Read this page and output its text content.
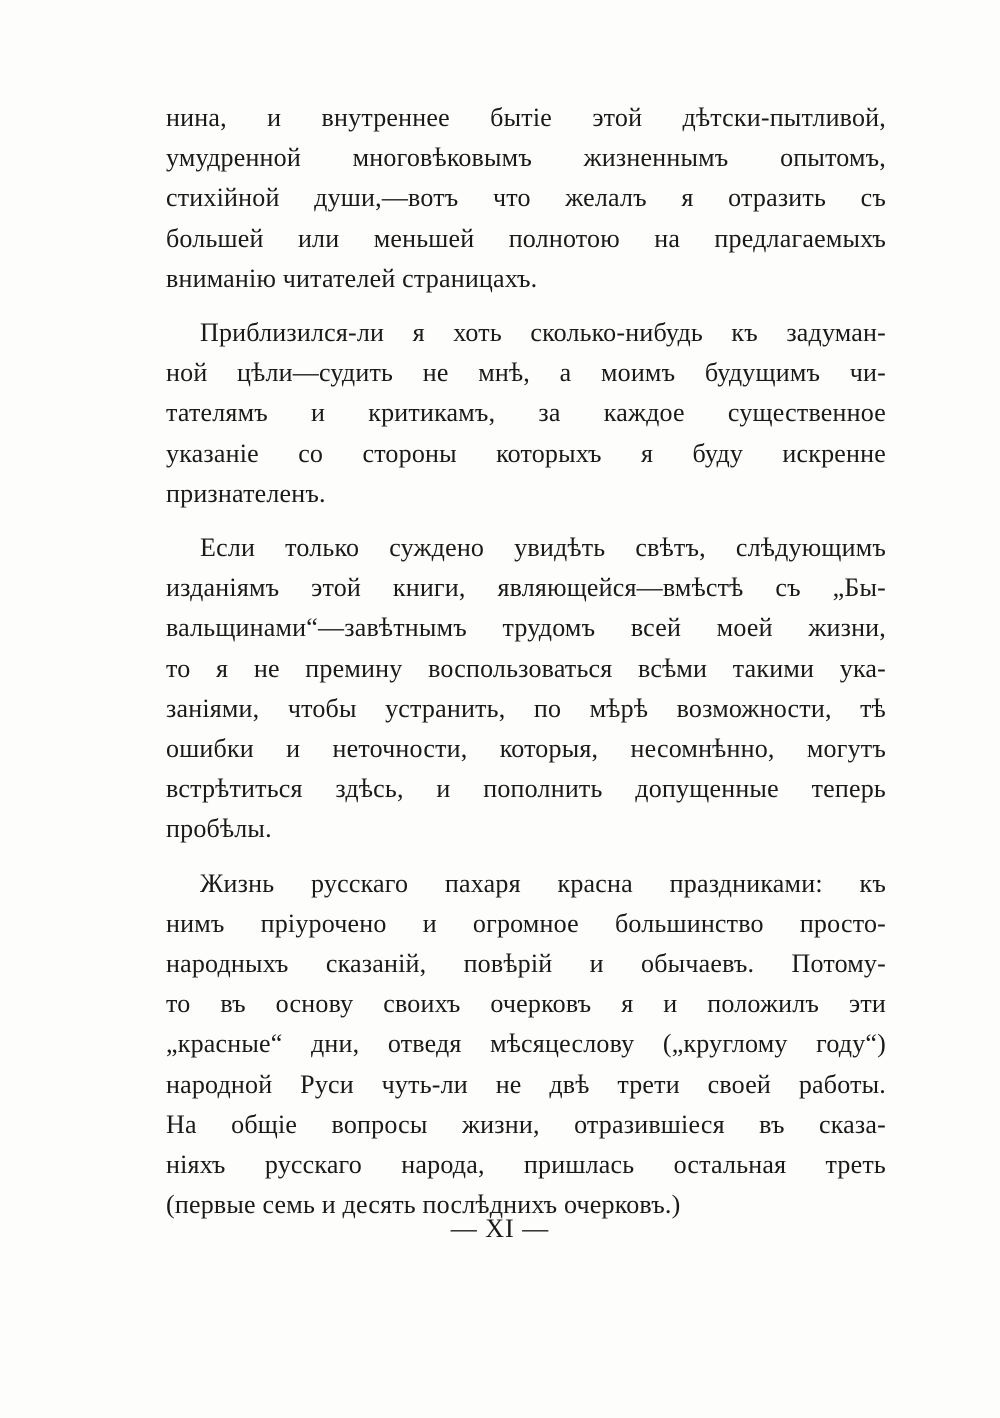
нина, и внутреннее бытіе этой дѣтски-пытливой,
умудренной многовѣковымъ жизненнымъ опытомъ,
стихійной души,—вотъ что желалъ я отразить съ
большей или меньшей полнотою на предлагаемыхъ
вниманію читателей страницахъ.

Приблизился-ли я хоть сколько-нибудь къ задуман-
ной цѣли—судить не мнѣ, а моимъ будущимъ чи-
тателямъ и критикамъ, за каждое существенное
указаніе со стороны которыхъ я буду искренне
признателенъ.

Если только суждено увидѣть свѣтъ, слѣдующимъ
изданіямъ этой книги, являющейся—вмѣстѣ съ „Бы-
вальщинами“—завѣтнымъ трудомъ всей моей жизни,
то я не премину воспользоваться всѣми такими ука-
заніями, чтобы устранить, по мѣрѣ возможности, тѣ
ошибки и неточности, которыя, несомнѣнно, могутъ
встрѣтиться здѣсь, и пополнить допущенные теперь
пробѣлы.

Жизнь русскаго пахаря красна праздниками: къ
нимъ пріурочено и огромное большинство просто-
народныхъ сказаній, повѣрій и обычаевъ. Потому-
то въ основу своихъ очерковъ я и положилъ эти
„красные“ дни, отведя мѣсяцеслову („круглому году“)
народной Руси чуть-ли не двѣ трети своей работы.
На общіе вопросы жизни, отразившіеся въ сказа-
ніяхъ русскаго народа, пришлась остальная треть
(первые семь и десять послѣднихъ очерковъ.)

— XI —
